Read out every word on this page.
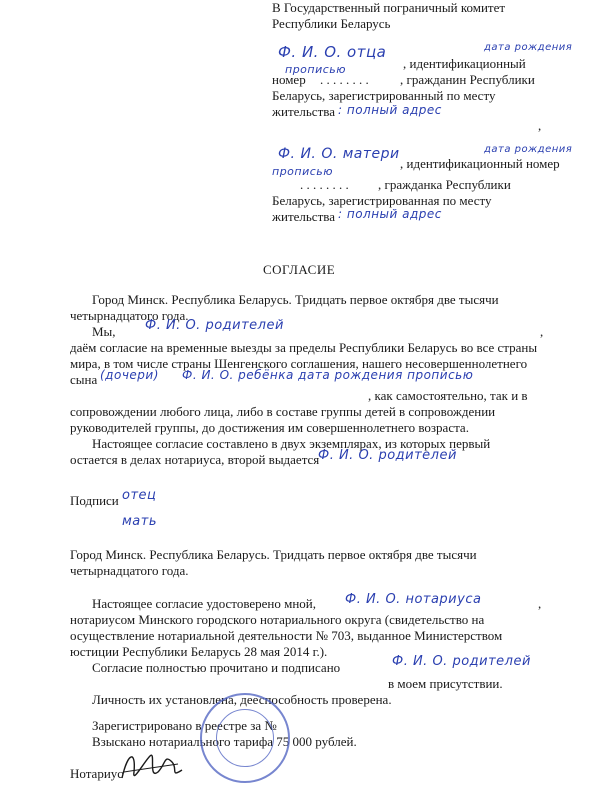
В Государственный пограничный комитет
Республики Беларусь
Ф. И. О. отца	дата рождения
, идентификационный
номер
прописью
. . . . . . . . , гражданин Республики
Беларусь, зарегистрированный по месту
жительства : полный адрес
,
Ф. И. О. матери
, идентификационный номер
дата рождения
прописью
. . . . . . . . , гражданка Республики
Беларусь, зарегистрированная по месту
жительства : полный адрес
СОГЛАСИЕ
Город Минск. Республика Беларусь. Тридцать первое октября две тысячи
четырнадцатого года.
Мы, Ф. И. О. родителей	,
даём согласие на временные выезды за пределы Республики Беларусь во все страны
мира, в том числе страны Шенгенского соглашения, нашего несовершеннолетнего
сына (дочери) Ф. И. О. ребёнка дата рождения прописью
, как самостоятельно, так и в
сопровождении любого лица, либо в составе группы детей в сопровождении
руководителей группы, до достижения им совершеннолетнего возраста.
Настоящее согласие составлено в двух экземплярах, из которых первый
остается в делах нотариуса, второй выдается
Ф. И. О. родителей
Подписи отец
мать
Город Минск. Республика Беларусь. Тридцать первое октября две тысячи
четырнадцатого года.
Настоящее согласие удостоверено мной, Ф. И. О. нотариуса	,
нотариусом Минского городского нотариального округа (свидетельство на
осуществление нотариальной деятельности № 703, выданное Министерством
юстиции Республики Беларусь 28 мая 2014 г.).
Согласие полностью прочитано и подписано	Ф. И. О. родителей
в моем присутствии.
Личность их установлена, дееспособность проверена.
Зарегистрировано в реестре за №
Взыскано нотариального тарифа 75 000 рублей.
Нотариус
